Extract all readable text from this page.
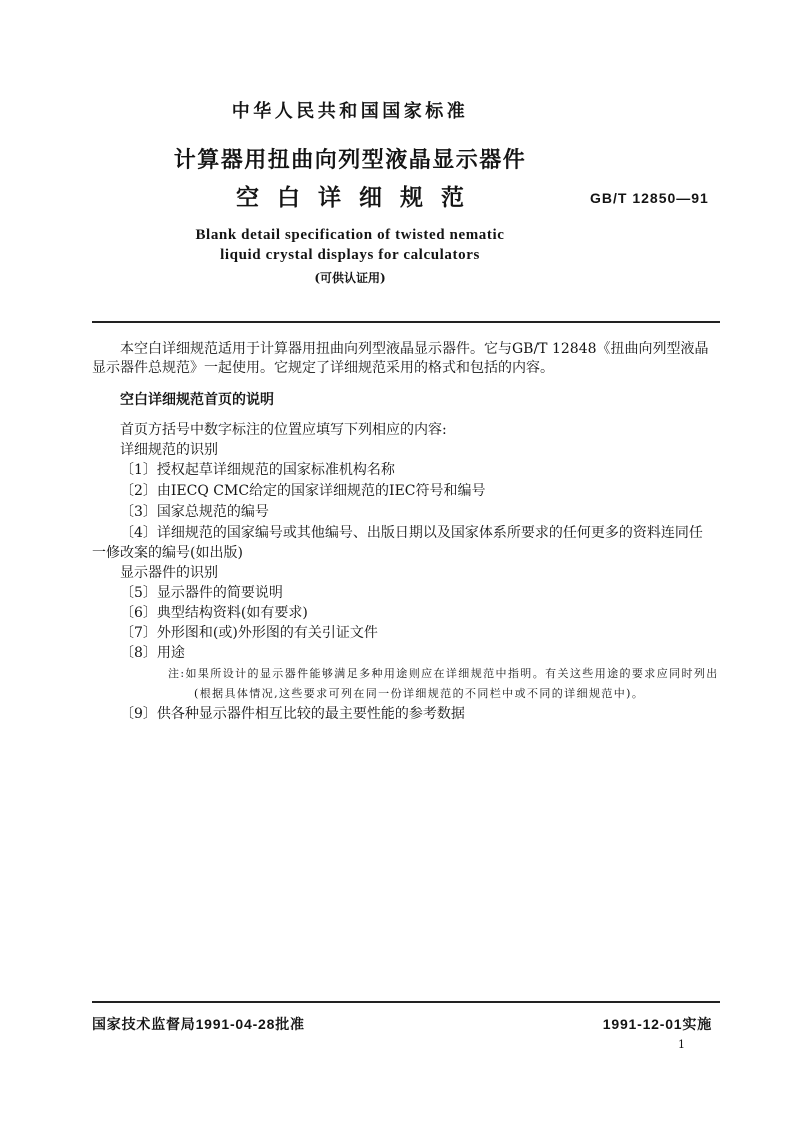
中华人民共和国国家标准
计算器用扭曲向列型液晶显示器件
空白详细规范	GB/T 12850—91
Blank detail specification of twisted nematic
liquid crystal displays for calculators
(可供认证用)
本空白详细规范适用于计算器用扭曲向列型液晶显示器件。它与GB/T 12848《扭曲向列型液晶
显示器件总规范》一起使用。它规定了详细规范采用的格式和包括的内容。
空白详细规范首页的说明
首页方括号中数字标注的位置应填写下列相应的内容:
详细规范的识别
〔1〕授权起草详细规范的国家标准机构名称
〔2〕由IECQ CMC给定的国家详细规范的IEC符号和编号
〔3〕国家总规范的编号
〔4〕详细规范的国家编号或其他编号、出版日期以及国家体系所要求的任何更多的资料连同任
一修改案的编号(如出版)
显示器件的识别
〔5〕显示器件的简要说明
〔6〕典型结构资料(如有要求)
〔7〕外形图和(或)外形图的有关引证文件
〔8〕用途
注:如果所设计的显示器件能够满足多种用途则应在详细规范中指明。有关这些用途的要求应同时列出
(根据具体情况,这些要求可列在同一份详细规范的不同栏中或不同的详细规范中)。
〔9〕供各种显示器件相互比较的最主要性能的参考数据
国家技术监督局1991-04-28批准	1991-12-01实施
1
